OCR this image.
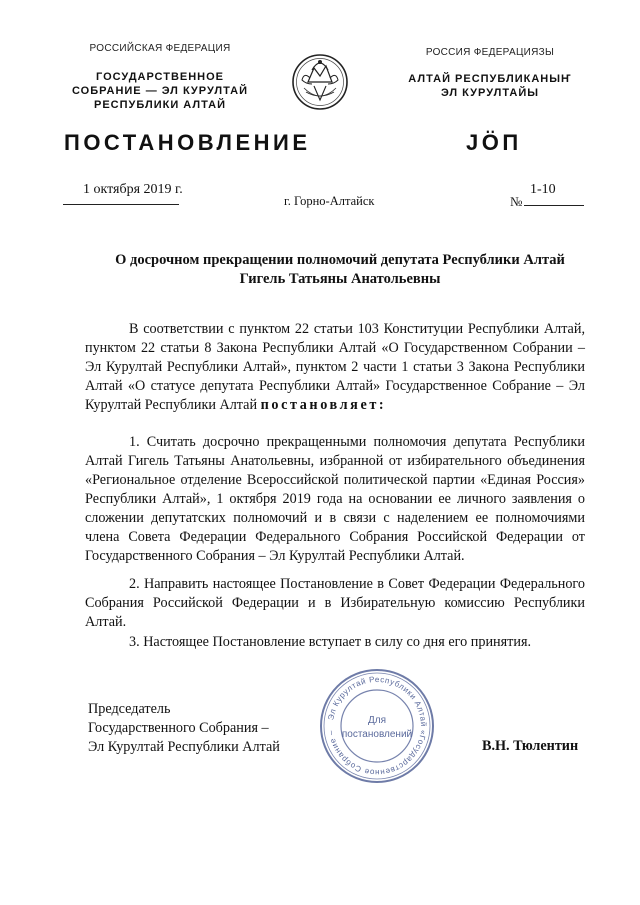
РОССИЙСКАЯ ФЕДЕРАЦИЯ
ГОСУДАРСТВЕННОЕ
СОБРАНИЕ — ЭЛ КУРУЛТАЙ
РЕСПУБЛИКИ АЛТАЙ
РОССИЯ ФЕДЕРАЦИЯЗЫ
АЛТАЙ РЕСПУБЛИКАНЫҤ
ЭЛ КУРУЛТАЙЫ
ПОСТАНОВЛЕНИЕ	JӦП
1 октября 2019 г.
г. Горно-Алтайск
1-10
№
О досрочном прекращении полномочий депутата Республики Алтай
Гигель Татьяны Анатольевны
В соответствии с пунктом 22 статьи 103 Конституции Республики Алтай, пунктом 22 статьи 8 Закона Республики Алтай «О Государственном Собрании – Эл Курултай Республики Алтай», пунктом 2 части 1 статьи 3 Закона Республики Алтай «О статусе депутата Республики Алтай» Государственное Собрание – Эл Курултай Республики Алтай постановляет:
1. Считать досрочно прекращенными полномочия депутата Республики Алтай Гигель Татьяны Анатольевны, избранной от избирательного объединения «Региональное отделение Всероссийской политической партии «Единая Россия» Республики Алтай», 1 октября 2019 года на основании ее личного заявления о сложении депутатских полномочий и в связи с наделением ее полномочиями члена Совета Федерации Федерального Собрания Российской Федерации от Государственного Собрания – Эл Курултай Республики Алтай.
2. Направить настоящее Постановление в Совет Федерации Федерального Собрания Российской Федерации и в Избирательную комиссию Республики Алтай.
3. Настоящее Постановление вступает в силу со дня его принятия.
Председатель
Государственного Собрания –
Эл Курултай Республики Алтай	В.Н. Тюлентин
Эл Курултай Республики Алтай «Государственное Собрание –
Для
постановлений
